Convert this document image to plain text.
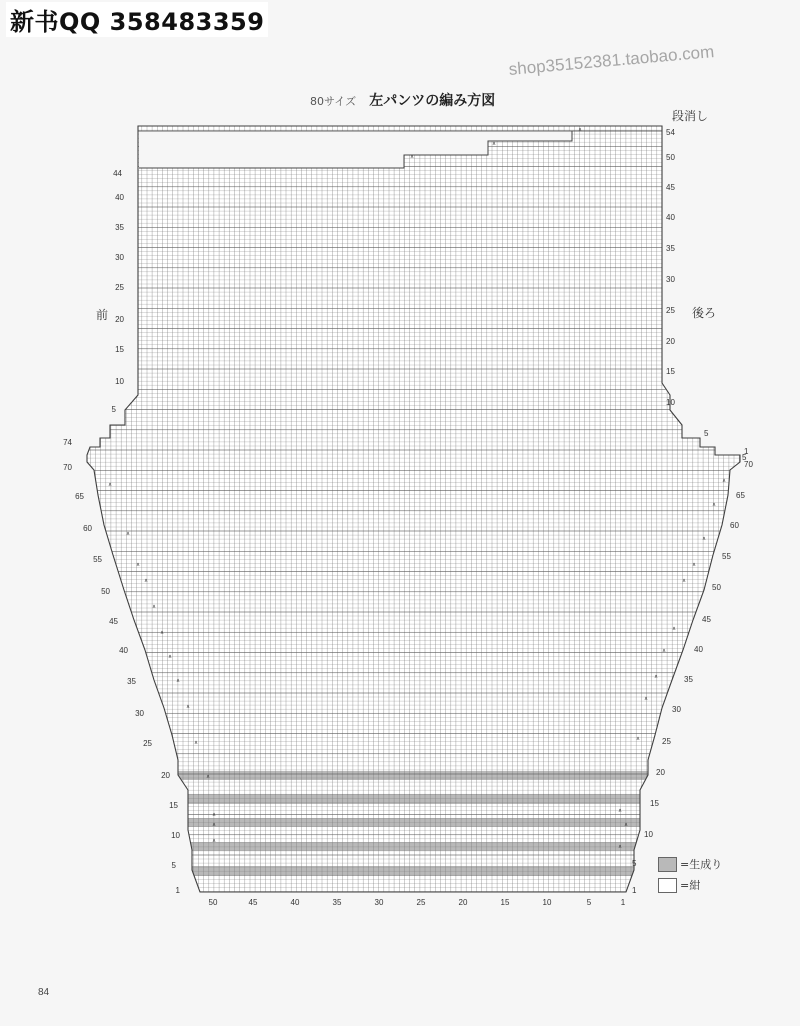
新书QQ 358483359
shop35152381.taobao.com
80サイズ 左パンツの編み方図
段消し
前	後ろ
∧
∧
∧
∧
∧
∧
∧
∧
∧
∧
∧
∧
∧
∧
∧
∧
∧
∧
∧
∧
∧
∧
∧
∧
∧
∧
∧
∧
∧
∧
44
40
35
30
25
20
15
10
5
74
70
65
60
55
50
45
40
35
30
25
20
15
10
5
1
54
50
45
40
35
30
25
20
15
10
5
5
1
70
65
60
55
50
45
40
35
30
25
20
15
10
5
1
50	45	40	35	30	25	20	15	10	5	1
=生成り
=紺
84
